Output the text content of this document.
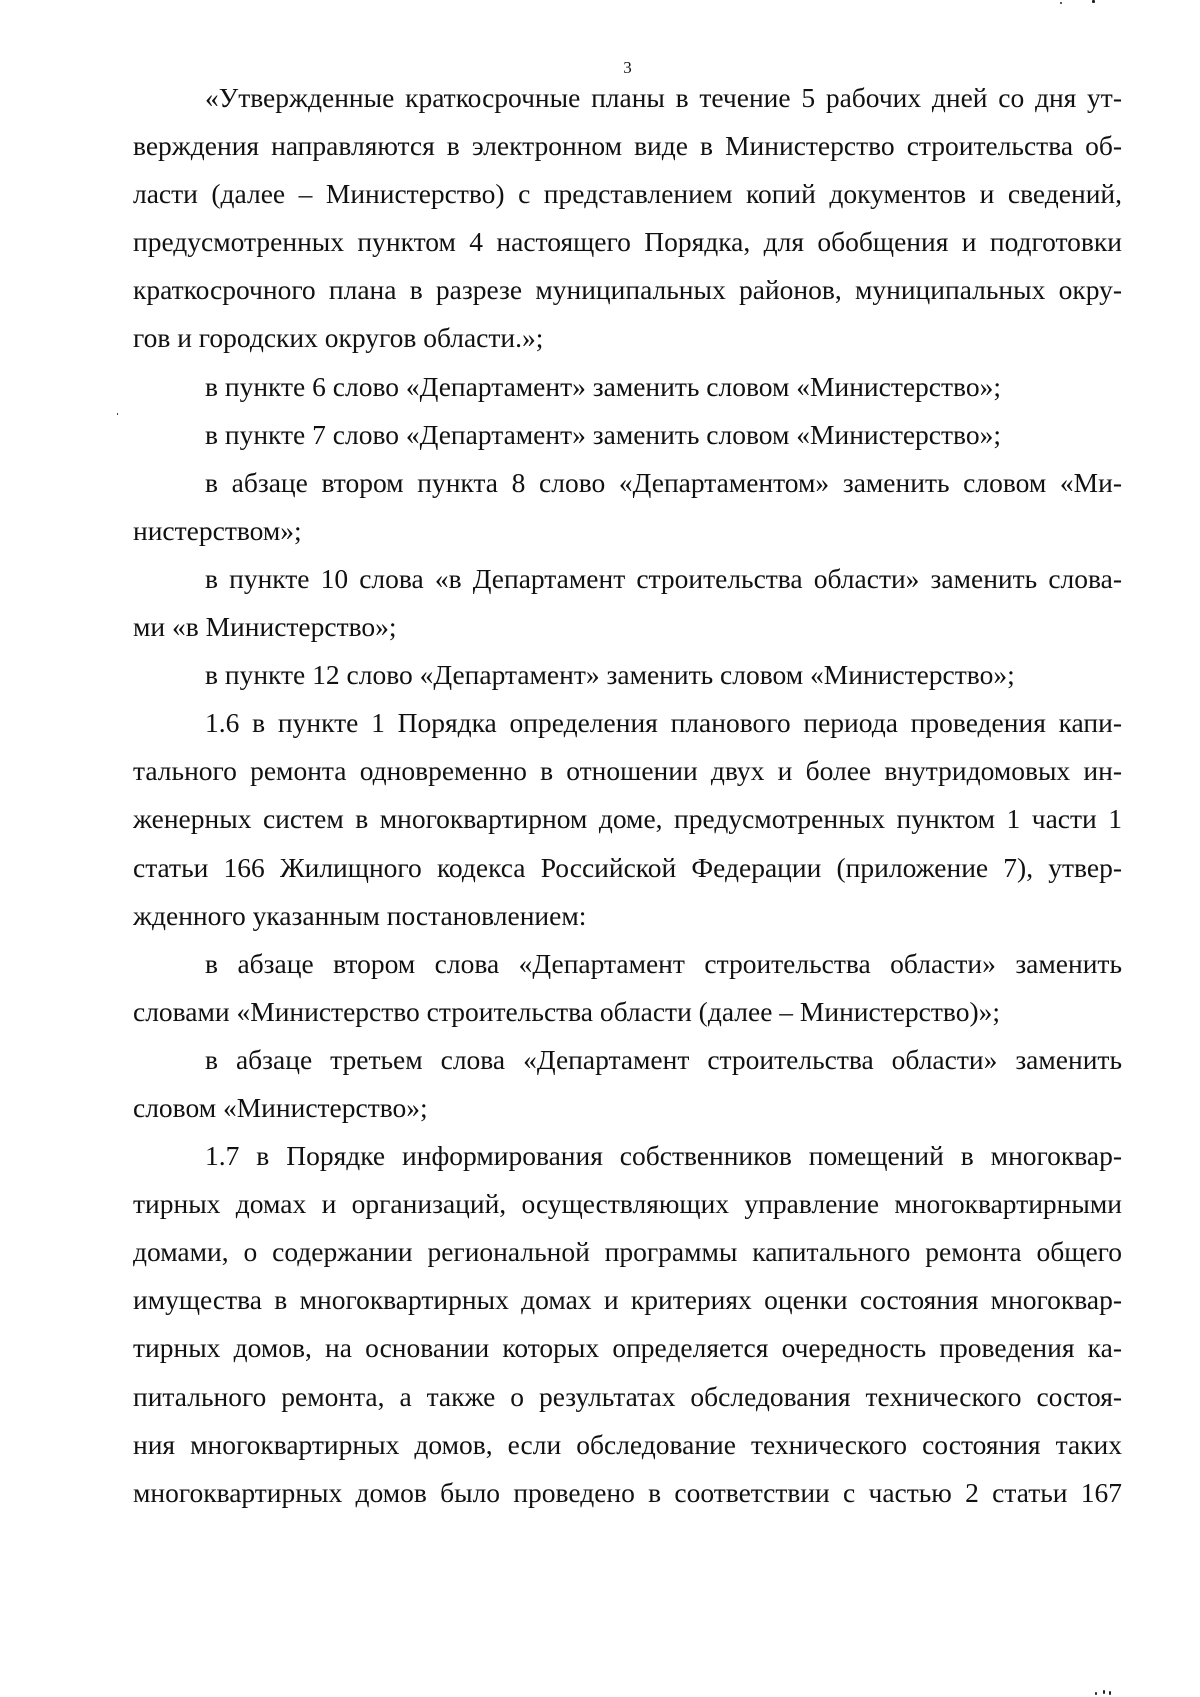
3
«Утвержденные краткосрочные планы в течение 5 рабочих дней со дня ут-
верждения направляются в электронном виде в Министерство строительства об-
ласти (далее – Министерство) с представлением копий документов и сведений,
предусмотренных пунктом 4 настоящего Порядка, для обобщения и подготовки
краткосрочного плана в разрезе муниципальных районов, муниципальных окру-
гов и городских округов области.»;
в пункте 6 слово «Департамент» заменить словом «Министерство»;
в пункте 7 слово «Департамент» заменить словом «Министерство»;
в абзаце втором пункта 8 слово «Департаментом» заменить словом «Ми-
нистерством»;
в пункте 10 слова «в Департамент строительства области» заменить слова-
ми «в Министерство»;
в пункте 12 слово «Департамент» заменить словом «Министерство»;
1.6 в пункте 1 Порядка определения планового периода проведения капи-
тального ремонта одновременно в отношении двух и более внутридомовых ин-
женерных систем в многоквартирном доме, предусмотренных пунктом 1 части 1
статьи 166 Жилищного кодекса Российской Федерации (приложение 7), утвер-
жденного указанным постановлением:
в абзаце втором слова «Департамент строительства области» заменить
словами «Министерство строительства области (далее – Министерство)»;
в абзаце третьем слова «Департамент строительства области» заменить
словом «Министерство»;
1.7 в Порядке информирования собственников помещений в многоквар-
тирных домах и организаций, осуществляющих управление многоквартирными
домами, о содержании региональной программы капитального ремонта общего
имущества в многоквартирных домах и критериях оценки состояния многоквар-
тирных домов, на основании которых определяется очередность проведения ка-
питального ремонта, а также о результатах обследования технического состоя-
ния многоквартирных домов, если обследование технического состояния таких
многоквартирных домов было проведено в соответствии с частью 2 статьи 167
